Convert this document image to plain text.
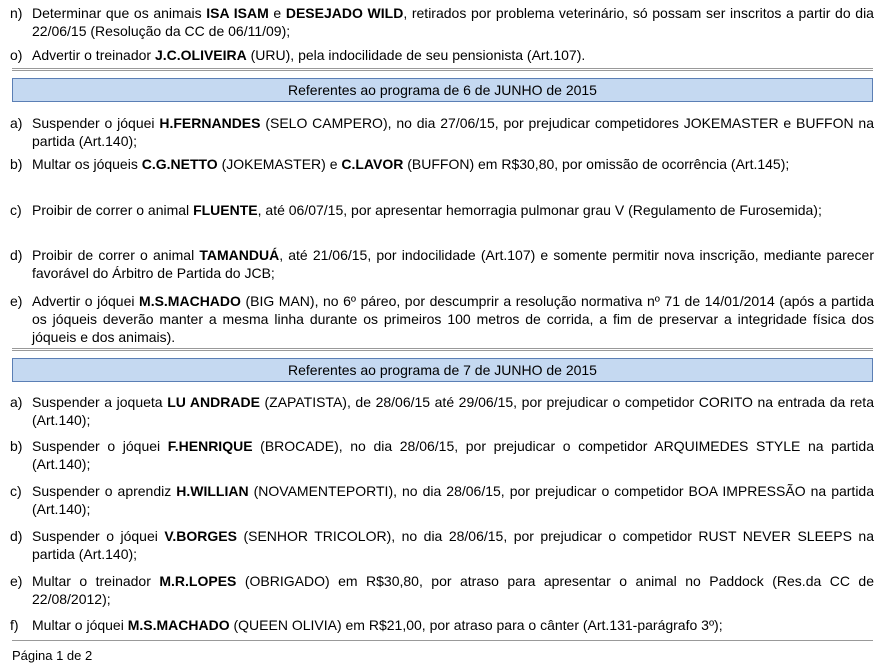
n) Determinar que os animais ISA ISAM e DESEJADO WILD, retirados por problema veterinário, só possam ser inscritos a partir do dia 22/06/15 (Resolução da CC de 06/11/09);
o) Advertir o treinador J.C.OLIVEIRA (URU), pela indocilidade de seu pensionista (Art.107).
Referentes ao programa de 6 de JUNHO de 2015
a) Suspender o jóquei H.FERNANDES (SELO CAMPERO), no dia 27/06/15, por prejudicar competidores JOKEMASTER e BUFFON na partida (Art.140);
b) Multar os jóqueis C.G.NETTO (JOKEMASTER) e C.LAVOR (BUFFON) em R$30,80, por omissão de ocorrência (Art.145);
c) Proibir de correr o animal FLUENTE, até 06/07/15, por apresentar hemorragia pulmonar grau V (Regulamento de Furosemida);
d) Proibir de correr o animal TAMANDUÁ, até 21/06/15, por indocilidade (Art.107) e somente permitir nova inscrição, mediante parecer favorável do Árbitro de Partida do JCB;
e) Advertir o jóquei M.S.MACHADO (BIG MAN), no 6º páreo, por descumprir a resolução normativa nº 71 de 14/01/2014 (após a partida os jóqueis deverão manter a mesma linha durante os primeiros 100 metros de corrida, a fim de preservar a integridade física dos jóqueis e dos animais).
Referentes ao programa de 7 de JUNHO de 2015
a) Suspender a joqueta LU ANDRADE (ZAPATISTA), de 28/06/15 até 29/06/15, por prejudicar o competidor CORITO na entrada da reta (Art.140);
b) Suspender o jóquei F.HENRIQUE (BROCADE), no dia 28/06/15, por prejudicar o competidor ARQUIMEDES STYLE na partida (Art.140);
c) Suspender o aprendiz H.WILLIAN (NOVAMENTEPORTI), no dia 28/06/15, por prejudicar o competidor BOA IMPRESSÃO na partida (Art.140);
d) Suspender o jóquei V.BORGES (SENHOR TRICOLOR), no dia 28/06/15, por prejudicar o competidor RUST NEVER SLEEPS na partida (Art.140);
e) Multar o treinador M.R.LOPES (OBRIGADO) em R$30,80, por atraso para apresentar o animal no Paddock (Res.da CC de 22/08/2012);
f) Multar o jóquei M.S.MACHADO (QUEEN OLIVIA) em R$21,00, por atraso para o cânter (Art.131-parágrafo 3º);
Página 1 de 2
